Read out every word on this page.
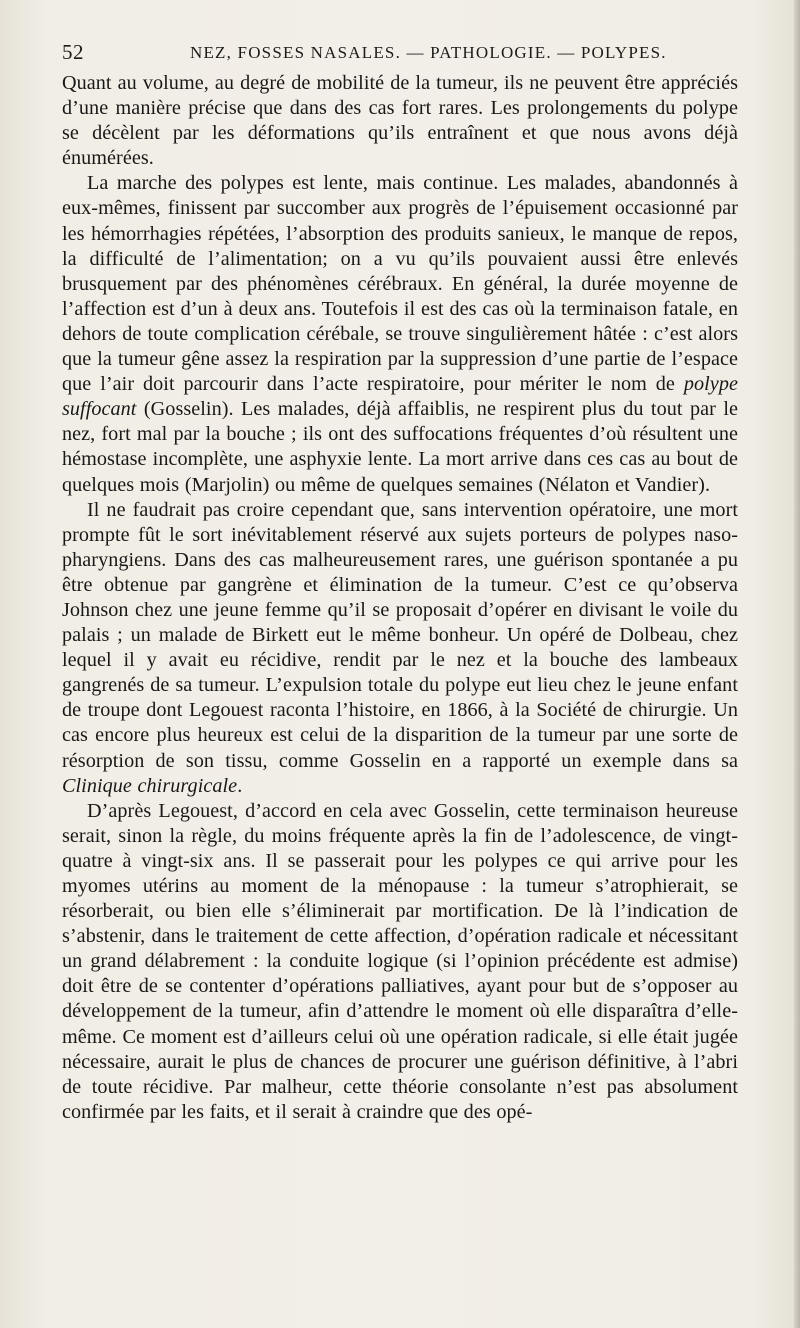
52	NEZ, FOSSES NASALES. — PATHOLOGIE. — POLYPES.

Quant au volume, au degré de mobilité de la tumeur, ils ne peuvent être appréciés d’une manière précise que dans des cas fort rares. Les prolongements du polype se décèlent par les déformations qu’ils entraînent et que nous avons déjà énumérées.

La marche des polypes est lente, mais continue. Les malades, abandonnés à eux-mêmes, finissent par succomber aux progrès de l’épuisement occasionné par les hémorrhagies répétées, l’absorption des produits sanieux, le manque de repos, la difficulté de l’alimentation; on a vu qu’ils pouvaient aussi être enlevés brusquement par des phénomènes cérébraux. En général, la durée moyenne de l’affection est d’un à deux ans. Toutefois il est des cas où la terminaison fatale, en dehors de toute complication cérébale, se trouve singulièrement hâtée : c’est alors que la tumeur gêne assez la respiration par la suppression d’une partie de l’espace que l’air doit parcourir dans l’acte respiratoire, pour mériter le nom de polype suffocant (Gosselin). Les malades, déjà affaiblis, ne respirent plus du tout par le nez, fort mal par la bouche ; ils ont des suffocations fréquentes d’où résultent une hémostase incomplète, une asphyxie lente. La mort arrive dans ces cas au bout de quelques mois (Marjolin) ou même de quelques semaines (Nélaton et Vandier).

Il ne faudrait pas croire cependant que, sans intervention opératoire, une mort prompte fût le sort inévitablement réservé aux sujets porteurs de polypes naso-pharyngiens. Dans des cas malheureusement rares, une guérison spontanée a pu être obtenue par gangrène et élimination de la tumeur. C’est ce qu’observa Johnson chez une jeune femme qu’il se proposait d’opérer en divisant le voile du palais ; un malade de Birkett eut le même bonheur. Un opéré de Dolbeau, chez lequel il y avait eu récidive, rendit par le nez et la bouche des lambeaux gangrenés de sa tumeur. L’expulsion totale du polype eut lieu chez le jeune enfant de troupe dont Legouest raconta l’histoire, en 1866, à la Société de chirurgie. Un cas encore plus heureux est celui de la disparition de la tumeur par une sorte de résorption de son tissu, comme Gosselin en a rapporté un exemple dans sa Clinique chirurgicale.

D’après Legouest, d’accord en cela avec Gosselin, cette terminaison heureuse serait, sinon la règle, du moins fréquente après la fin de l’adolescence, de vingt-quatre à vingt-six ans. Il se passerait pour les polypes ce qui arrive pour les myomes utérins au moment de la ménopause : la tumeur s’atrophierait, se résorberait, ou bien elle s’éliminerait par mortification. De là l’indication de s’abstenir, dans le traitement de cette affection, d’opération radicale et nécessitant un grand délabrement : la conduite logique (si l’opinion précédente est admise) doit être de se contenter d’opérations palliatives, ayant pour but de s’opposer au développement de la tumeur, afin d’attendre le moment où elle disparaîtra d’elle-même. Ce moment est d’ailleurs celui où une opération radicale, si elle était jugée nécessaire, aurait le plus de chances de procurer une guérison définitive, à l’abri de toute récidive. Par malheur, cette théorie consolante n’est pas absolument confirmée par les faits, et il serait à craindre que des opé-
